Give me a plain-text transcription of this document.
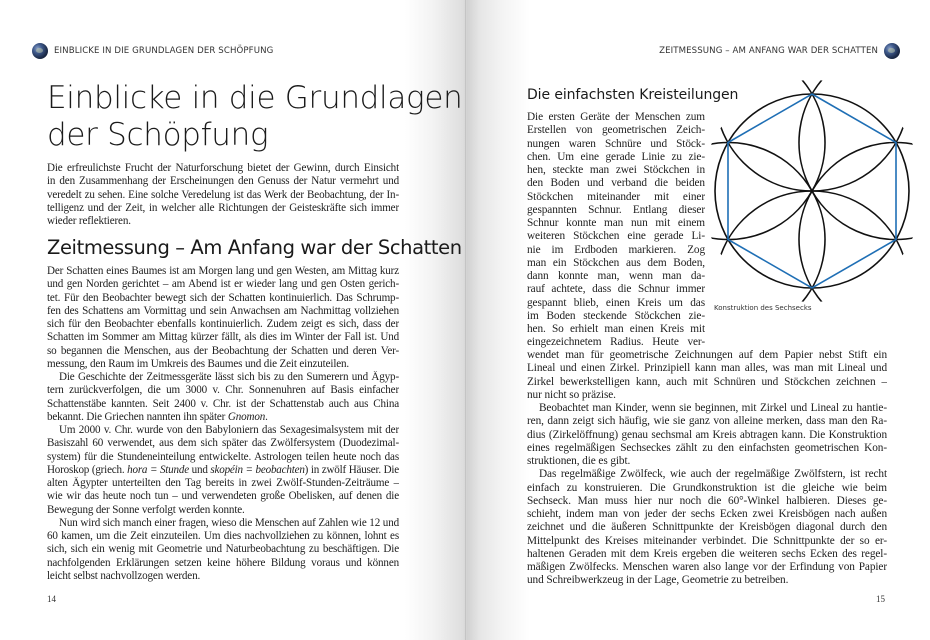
EINBLICKE IN DIE GRUNDLAGEN DER SCHÖPFUNG
Einblicke in die Grundlagen
der Schöpfung
Die erfreulichste Frucht der Naturforschung bietet der Gewinn, durch Einsicht
in den Zusammenhang der Erscheinungen den Genuss der Natur vermehrt und
veredelt zu sehen. Eine solche Veredelung ist das Werk der Beobachtung, der In-
telligenz und der Zeit, in welcher alle Richtungen der Geisteskräfte sich immer
wieder reflektieren.
Zeitmessung – Am Anfang war der Schatten
Der Schatten eines Baumes ist am Morgen lang und gen Westen, am Mittag kurz
und gen Norden gerichtet – am Abend ist er wieder lang und gen Osten gerich-
tet. Für den Beobachter bewegt sich der Schatten kontinuierlich. Das Schrump-
fen des Schattens am Vormittag und sein Anwachsen am Nachmittag vollziehen
sich für den Beobachter ebenfalls kontinuierlich. Zudem zeigt es sich, dass der
Schatten im Sommer am Mittag kürzer fällt, als dies im Winter der Fall ist. Und
so begannen die Menschen, aus der Beobachtung der Schatten und deren Ver-
messung, den Raum im Umkreis des Baumes und die Zeit einzuteilen.
Die Geschichte der Zeitmessgeräte lässt sich bis zu den Sumerern und Ägyp-
tern zurückverfolgen, die um 3000 v. Chr. Sonnenuhren auf Basis einfacher
Schattenstäbe kannten. Seit 2400 v. Chr. ist der Schattenstab auch aus China
bekannt. Die Griechen nannten ihn später Gnomon.
Um 2000 v. Chr. wurde von den Babyloniern das Sexagesimalsystem mit der
Basiszahl 60 verwendet, aus dem sich später das Zwölfersystem (Duodezimal-
system) für die Stundeneinteilung entwickelte. Astrologen teilen heute noch das
Horoskop (griech. hora = Stunde und skopéin = beobachten) in zwölf Häuser. Die
alten Ägypter unterteilten den Tag bereits in zwei Zwölf-Stunden-Zeiträume –
wie wir das heute noch tun – und verwendeten große Obelisken, auf denen die
Bewegung der Sonne verfolgt werden konnte.
Nun wird sich manch einer fragen, wieso die Menschen auf Zahlen wie 12 und
60 kamen, um die Zeit einzuteilen. Um dies nachvollziehen zu können, lohnt es
sich, sich ein wenig mit Geometrie und Naturbeobachtung zu beschäftigen. Die
nachfolgenden Erklärungen setzen keine höhere Bildung voraus und können
leicht selbst nachvollzogen werden.
14
ZEITMESSUNG – AM ANFANG WAR DER SCHATTEN
Die einfachsten Kreisteilungen
Die ersten Geräte der Menschen zum
Erstellen von geometrischen Zeich-
nungen waren Schnüre und Stöck-
chen. Um eine gerade Linie zu zie-
hen, steckte man zwei Stöckchen in
den Boden und verband die beiden
Stöckchen miteinander mit einer
gespannten Schnur. Entlang dieser
Schnur konnte man nun mit einem
weiteren Stöckchen eine gerade Li-
nie im Erdboden markieren. Zog
man ein Stöckchen aus dem Boden,
dann konnte man, wenn man da-
rauf achtete, dass die Schnur immer
gespannt blieb, einen Kreis um das
im Boden steckende Stöckchen zie-
hen. So erhielt man einen Kreis mit
eingezeichnetem Radius. Heute ver-
wendet man für geometrische Zeichnungen auf dem Papier nebst Stift ein
Lineal und einen Zirkel. Prinzipiell kann man alles, was man mit Lineal und
Zirkel bewerkstelligen kann, auch mit Schnüren und Stöckchen zeichnen –
nur nicht so präzise.
Beobachtet man Kinder, wenn sie beginnen, mit Zirkel und Lineal zu hantie-
ren, dann zeigt sich häufig, wie sie ganz von alleine merken, dass man den Ra-
dius (Zirkelöffnung) genau sechsmal am Kreis abtragen kann. Die Konstruktion
eines regelmäßigen Sechseckes zählt zu den einfachsten geometrischen Kon-
struktionen, die es gibt.
Das regelmäßige Zwölfeck, wie auch der regelmäßige Zwölfstern, ist recht
einfach zu konstruieren. Die Grundkonstruktion ist die gleiche wie beim
Sechseck. Man muss hier nur noch die 60°-Winkel halbieren. Dieses ge-
schieht, indem man von jeder der sechs Ecken zwei Kreisbögen nach außen
zeichnet und die äußeren Schnittpunkte der Kreisbögen diagonal durch den
Mittelpunkt des Kreises miteinander verbindet. Die Schnittpunkte der so er-
haltenen Geraden mit dem Kreis ergeben die weiteren sechs Ecken des regel-
mäßigen Zwölfecks. Menschen waren also lange vor der Erfindung von Papier
und Schreibwerkzeug in der Lage, Geometrie zu betreiben.
Konstruktion des Sechsecks
15
